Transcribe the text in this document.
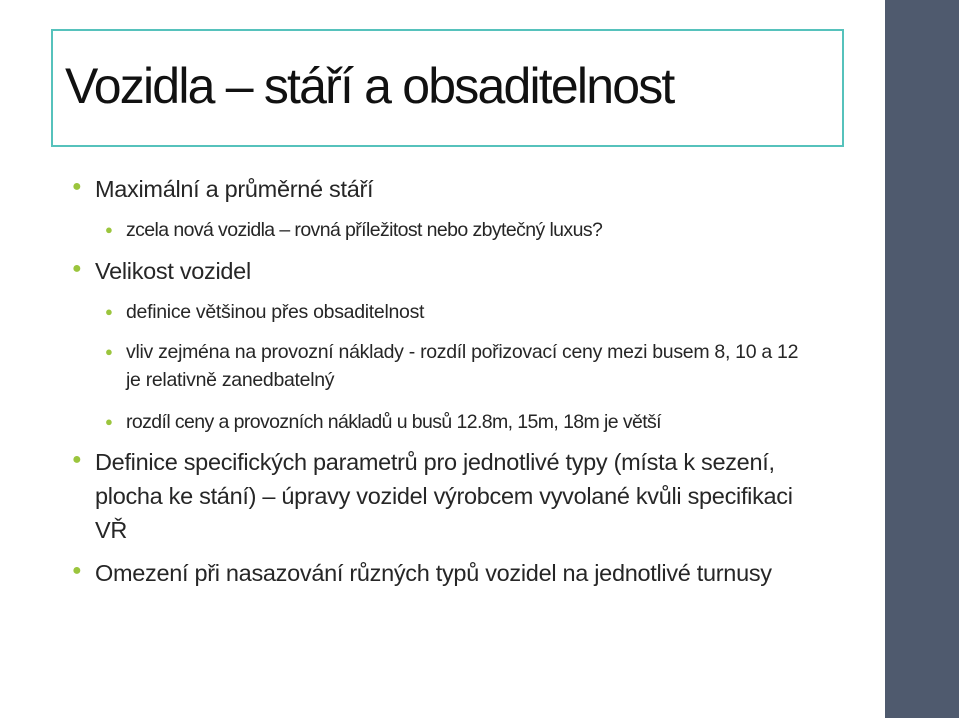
Vozidla – stáří a obsaditelnost

● Maximální a průměrné stáří

● zcela nová vozidla – rovná příležitost nebo zbytečný luxus?

● Velikost vozidel

● definice většinou přes obsaditelnost

● vliv zejména na provozní náklady - rozdíl pořizovací ceny mezi busem 8, 10 a 12 je relativně zanedbatelný

● rozdíl ceny a provozních nákladů u busů 12.8m, 15m, 18m je větší

● Definice specifických parametrů pro jednotlivé typy (místa k sezení, plocha ke stání) – úpravy vozidel výrobcem vyvolané kvůli specifikaci VŘ

● Omezení při nasazování různých typů vozidel na jednotlivé turnusy
